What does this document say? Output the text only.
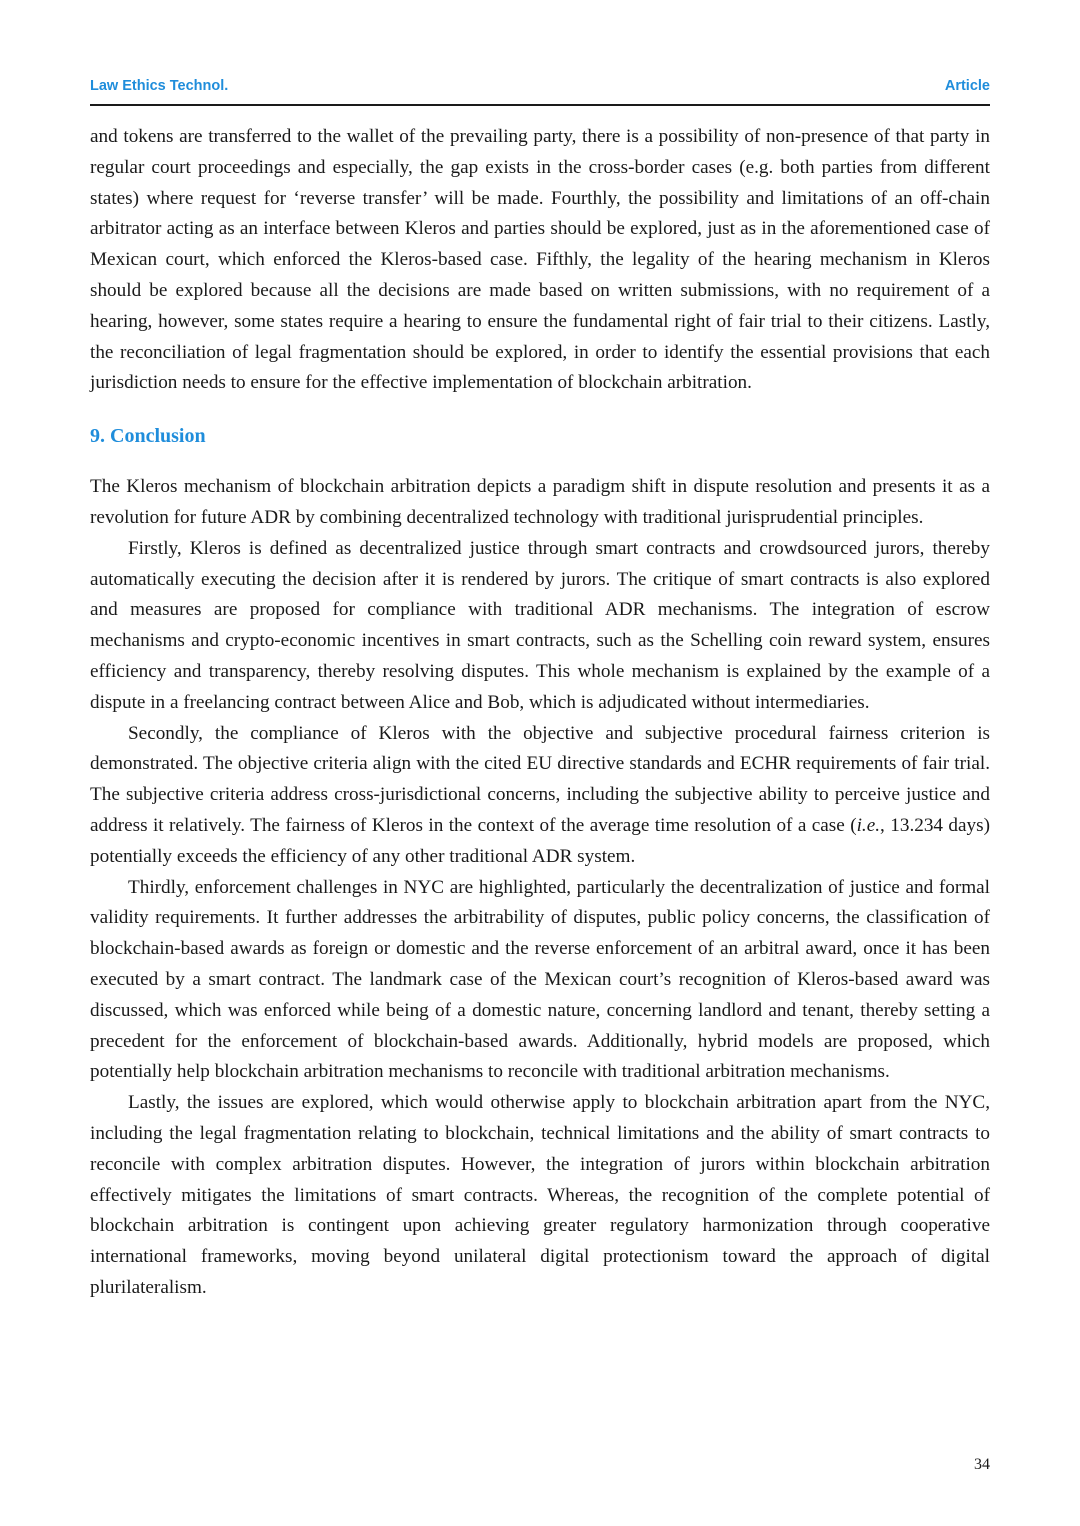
Law Ethics Technol.	Article

and tokens are transferred to the wallet of the prevailing party, there is a possibility of non-presence of that party in regular court proceedings and especially, the gap exists in the cross-border cases (e.g. both parties from different states) where request for ‘reverse transfer’ will be made. Fourthly, the possibility and limitations of an off-chain arbitrator acting as an interface between Kleros and parties should be explored, just as in the aforementioned case of Mexican court, which enforced the Kleros-based case. Fifthly, the legality of the hearing mechanism in Kleros should be explored because all the decisions are made based on written submissions, with no requirement of a hearing, however, some states require a hearing to ensure the fundamental right of fair trial to their citizens. Lastly, the reconciliation of legal fragmentation should be explored, in order to identify the essential provisions that each jurisdiction needs to ensure for the effective implementation of blockchain arbitration.

9. Conclusion

The Kleros mechanism of blockchain arbitration depicts a paradigm shift in dispute resolution and presents it as a revolution for future ADR by combining decentralized technology with traditional jurisprudential principles.

Firstly, Kleros is defined as decentralized justice through smart contracts and crowdsourced jurors, thereby automatically executing the decision after it is rendered by jurors. The critique of smart contracts is also explored and measures are proposed for compliance with traditional ADR mechanisms. The integration of escrow mechanisms and crypto-economic incentives in smart contracts, such as the Schelling coin reward system, ensures efficiency and transparency, thereby resolving disputes. This whole mechanism is explained by the example of a dispute in a freelancing contract between Alice and Bob, which is adjudicated without intermediaries.

Secondly, the compliance of Kleros with the objective and subjective procedural fairness criterion is demonstrated. The objective criteria align with the cited EU directive standards and ECHR requirements of fair trial. The subjective criteria address cross-jurisdictional concerns, including the subjective ability to perceive justice and address it relatively. The fairness of Kleros in the context of the average time resolution of a case (i.e., 13.234 days) potentially exceeds the efficiency of any other traditional ADR system.

Thirdly, enforcement challenges in NYC are highlighted, particularly the decentralization of justice and formal validity requirements. It further addresses the arbitrability of disputes, public policy concerns, the classification of blockchain-based awards as foreign or domestic and the reverse enforcement of an arbitral award, once it has been executed by a smart contract. The landmark case of the Mexican court’s recognition of Kleros-based award was discussed, which was enforced while being of a domestic nature, concerning landlord and tenant, thereby setting a precedent for the enforcement of blockchain-based awards. Additionally, hybrid models are proposed, which potentially help blockchain arbitration mechanisms to reconcile with traditional arbitration mechanisms.

Lastly, the issues are explored, which would otherwise apply to blockchain arbitration apart from the NYC, including the legal fragmentation relating to blockchain, technical limitations and the ability of smart contracts to reconcile with complex arbitration disputes. However, the integration of jurors within blockchain arbitration effectively mitigates the limitations of smart contracts. Whereas, the recognition of the complete potential of blockchain arbitration is contingent upon achieving greater regulatory harmonization through cooperative international frameworks, moving beyond unilateral digital protectionism toward the approach of digital plurilateralism.

34
